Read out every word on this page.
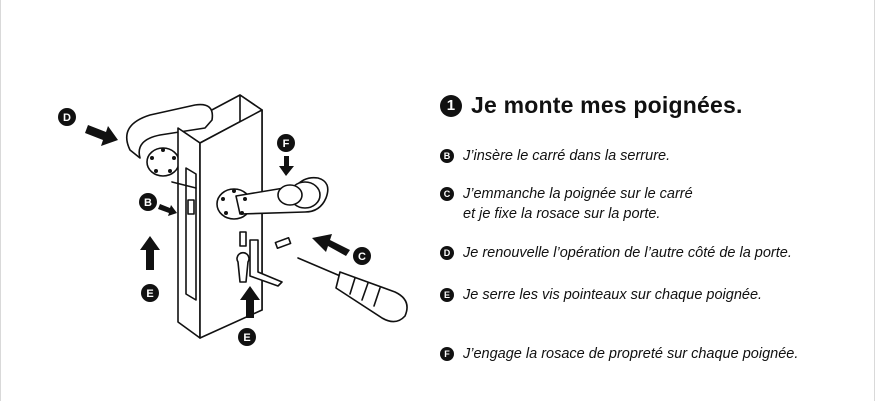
D
B
E
F
C
E
1 Je monte mes poignées.
B J’insère le carré dans la serrure.
C J’emmanche la poignée sur le carré
et je fixe la rosace sur la porte.
D Je renouvelle l’opération de l’autre côté de la porte.
E Je serre les vis pointeaux sur chaque poignée.
F J’engage la rosace de propreté sur chaque poignée.
